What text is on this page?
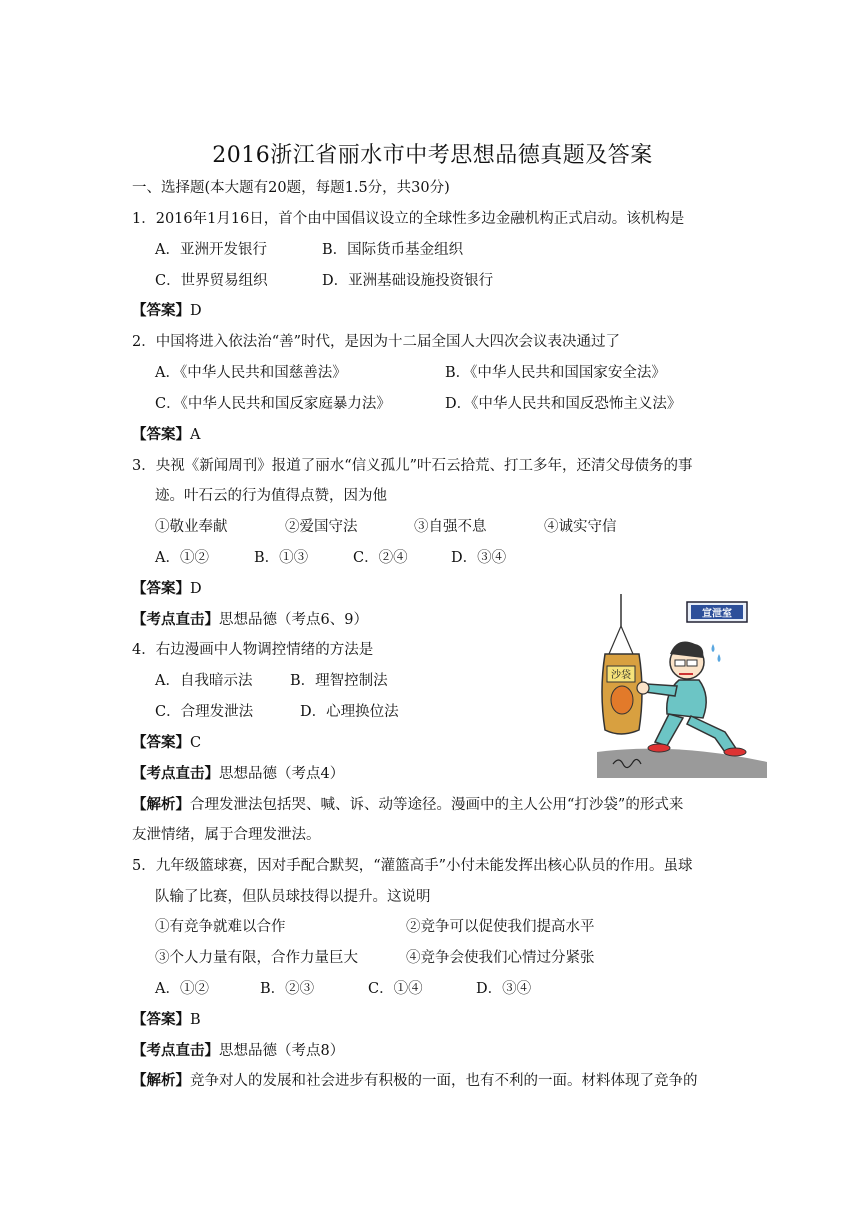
2016浙江省丽水市中考思想品德真题及答案
一、选择题(本大题有20题，每题1.5分，共30分)
1．2016年1月16日，首个由中国倡议设立的全球性多边金融机构正式启动。该机构是
A．亚洲开发银行	B．国际货币基金组织
C．世界贸易组织	D．亚洲基础设施投资银行
【答案】D
2．中国将进入依法治“善”时代，是因为十二届全国人大四次会议表决通过了
A．《中华人民共和国慈善法》	B．《中华人民共和国国家安全法》
C．《中华人民共和国反家庭暴力法》	D．《中华人民共和国反恐怖主义法》
【答案】A
3．央视《新闻周刊》报道了丽水“信义孤儿”叶石云拾荒、打工多年，还清父母债务的事
迹。叶石云的行为值得点赞，因为他
①敬业奉献	②爱国守法	③自强不息	④诚实守信
A．①②	B．①③	C．②④	D．③④
【答案】D
【考点直击】思想品德（考点6、9）
4．右边漫画中人物调控情绪的方法是
A．自我暗示法	B．理智控制法
C．合理发泄法	D．心理换位法
【答案】C
【考点直击】思想品德（考点4）
【解析】合理发泄法包括哭、喊、诉、动等途径。漫画中的主人公用“打沙袋”的形式来
友泄情绪，属于合理发泄法。
宣泄室
沙袋
5．九年级篮球赛，因对手配合默契，“灌篮高手”小付未能发挥出核心队员的作用。虽球
队输了比赛，但队员球技得以提升。这说明
①有竞争就难以合作	②竞争可以促使我们提高水平
③个人力量有限，合作力量巨大	④竞争会使我们心情过分紧张
A．①②	B．②③	C．①④	D．③④
【答案】B
【考点直击】思想品德（考点8）
【解析】竞争对人的发展和社会进步有积极的一面，也有不利的一面。材料体现了竞争的
